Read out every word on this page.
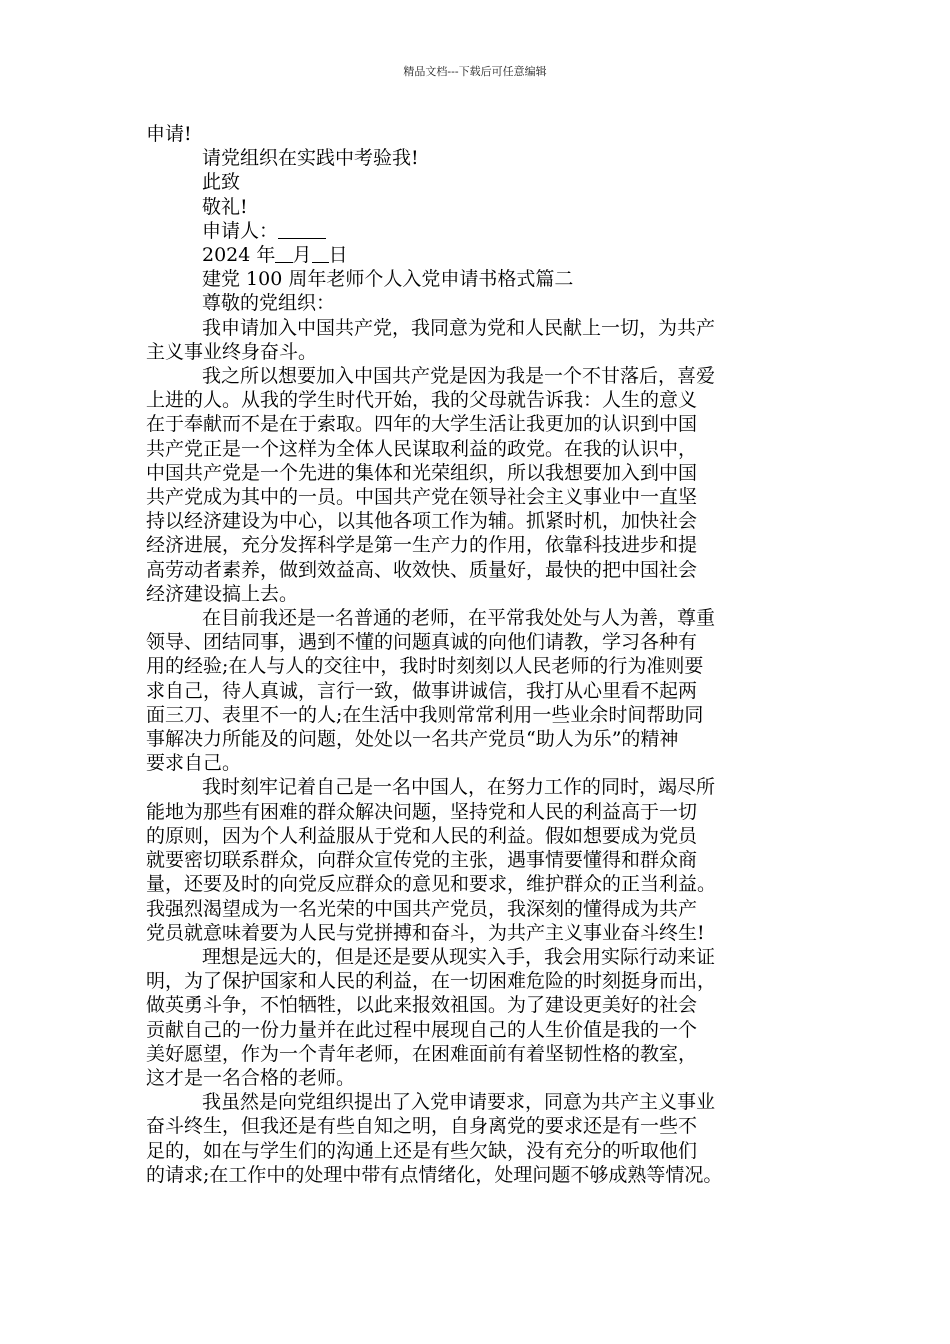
精品文档---下载后可任意编辑
申请!
请党组织在实践中考验我!
此致
敬礼!
申请人：
2024 年 月 日
建党 100 周年老师个人入党申请书格式篇二
尊敬的党组织：
我申请加入中国共产党，我同意为党和人民献上一切，为共产
主义事业终身奋斗。
我之所以想要加入中国共产党是因为我是一个不甘落后，喜爱
上进的人。从我的学生时代开始，我的父母就告诉我：人生的意义
在于奉献而不是在于索取。四年的大学生活让我更加的认识到中国
共产党正是一个这样为全体人民谋取利益的政党。在我的认识中，
中国共产党是一个先进的集体和光荣组织，所以我想要加入到中国
共产党成为其中的一员。中国共产党在领导社会主义事业中一直坚
持以经济建设为中心，以其他各项工作为辅。抓紧时机，加快社会
经济进展，充分发挥科学是第一生产力的作用，依靠科技进步和提
高劳动者素养，做到效益高、收效快、质量好，最快的把中国社会
经济建设搞上去。
在目前我还是一名普通的老师，在平常我处处与人为善，尊重
领导、团结同事，遇到不懂的问题真诚的向他们请教，学习各种有
用的经验;在人与人的交往中，我时时刻刻以人民老师的行为准则要
求自己，待人真诚，言行一致，做事讲诚信，我打从心里看不起两
面三刀、表里不一的人;在生活中我则常常利用一些业余时间帮助同
事解决力所能及的问题，处处以一名共产党员“助人为乐”的精神
要求自己。
我时刻牢记着自己是一名中国人，在努力工作的同时，竭尽所
能地为那些有困难的群众解决问题，坚持党和人民的利益高于一切
的原则，因为个人利益服从于党和人民的利益。假如想要成为党员
就要密切联系群众，向群众宣传党的主张，遇事情要懂得和群众商
量，还要及时的向党反应群众的意见和要求，维护群众的正当利益。
我强烈渴望成为一名光荣的中国共产党员，我深刻的懂得成为共产
党员就意味着要为人民与党拼搏和奋斗，为共产主义事业奋斗终生!
理想是远大的，但是还是要从现实入手，我会用实际行动来证
明，为了保护国家和人民的利益，在一切困难危险的时刻挺身而出，
做英勇斗争，不怕牺牲，以此来报效祖国。为了建设更美好的社会
贡献自己的一份力量并在此过程中展现自己的人生价值是我的一个
美好愿望，作为一个青年老师，在困难面前有着坚韧性格的教室，
这才是一名合格的老师。
我虽然是向党组织提出了入党申请要求，同意为共产主义事业
奋斗终生，但我还是有些自知之明，自身离党的要求还是有一些不
足的，如在与学生们的沟通上还是有些欠缺，没有充分的听取他们
的请求;在工作中的处理中带有点情绪化，处理问题不够成熟等情况。
